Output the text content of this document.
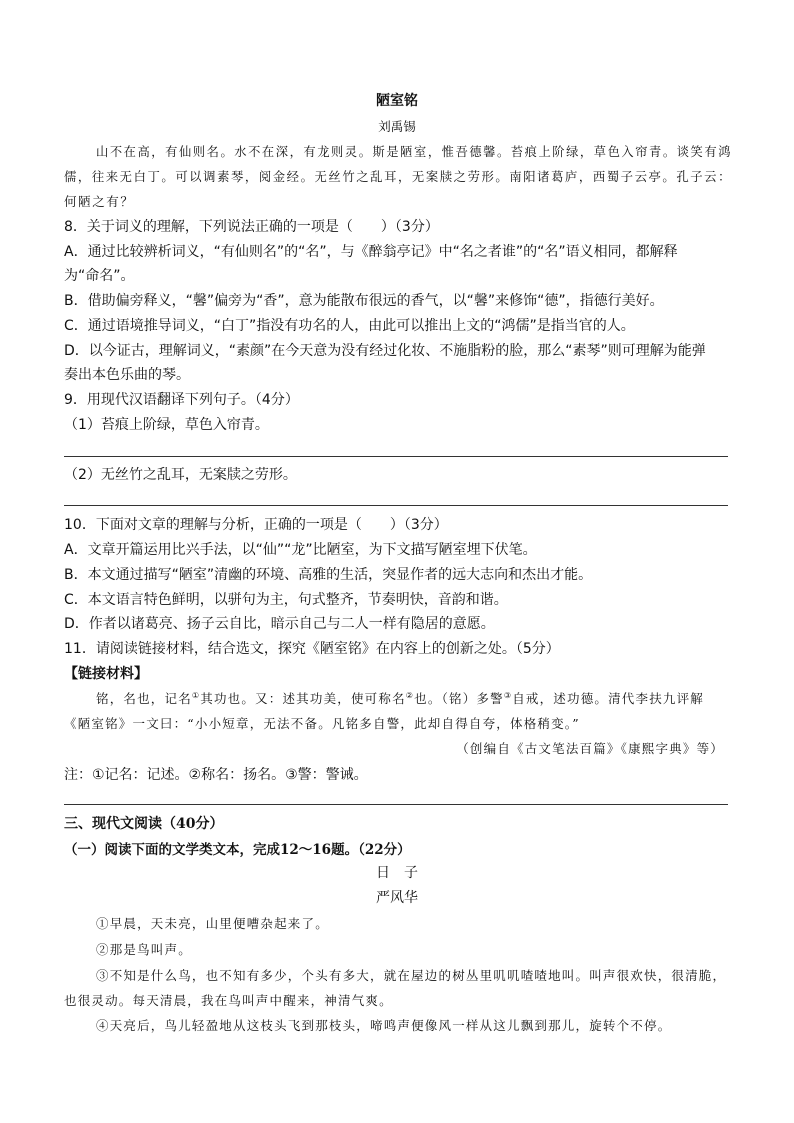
陋室铭
刘禹锡
山不在高，有仙则名。水不在深，有龙则灵。斯是陋室，惟吾德馨。苔痕上阶绿，草色入帘青。谈笑有鸿
儒，往来无白丁。可以调素琴，阅金经。无丝竹之乱耳，无案牍之劳形。南阳诸葛庐，西蜀子云亭。孔子云：
何陋之有？
8．关于词义的理解，下列说法正确的一项是（　　）（3分）
A．通过比较辨析词义，“有仙则名”的“名”，与《醉翁亭记》中“名之者谁”的“名”语义相同，都解释
为“命名”。
B．借助偏旁释义，“馨”偏旁为“香”，意为能散布很远的香气，以“馨”来修饰“德”，指德行美好。
C．通过语境推导词义，“白丁”指没有功名的人，由此可以推出上文的“鸿儒”是指当官的人。
D．以今证古，理解词义，“素颜”在今天意为没有经过化妆、不施脂粉的脸，那么“素琴”则可理解为能弹
奏出本色乐曲的琴。
9．用现代汉语翻译下列句子。（4分）
（1）苔痕上阶绿，草色入帘青。
（2）无丝竹之乱耳，无案牍之劳形。
10．下面对文章的理解与分析，正确的一项是（　　）（3分）
A．文章开篇运用比兴手法，以“仙”“龙”比陋室，为下文描写陋室埋下伏笔。
B．本文通过描写“陋室”清幽的环境、高雅的生活，突显作者的远大志向和杰出才能。
C．本文语言特色鲜明，以骈句为主，句式整齐，节奏明快，音韵和谐。
D．作者以诸葛亮、扬子云自比，暗示自己与二人一样有隐居的意愿。
11．请阅读链接材料，结合选文，探究《陋室铭》在内容上的创新之处。（5分）
【链接材料】
铭，名也，记名①其功也。又：述其功美，使可称名②也。（铭）多警③自戒，述功德。清代李扶九评解
《陋室铭》一文曰：“小小短章，无法不备。凡铭多自警，此却自得自夸，体格稍变。”
（创编自《古文笔法百篇》《康熙字典》等）
注：①记名：记述。②称名：扬名。③警：警诫。
三、现代文阅读（40分）
（一）阅读下面的文学类文本，完成12～16题。（22分）
日　子
严风华
①早晨，天未亮，山里便嘈杂起来了。
②那是鸟叫声。
③不知是什么鸟，也不知有多少，个头有多大，就在屋边的树丛里叽叽喳喳地叫。叫声很欢快，很清脆，
也很灵动。每天清晨，我在鸟叫声中醒来，神清气爽。
④天亮后，鸟儿轻盈地从这枝头飞到那枝头，啼鸣声便像风一样从这儿飘到那儿，旋转个不停。
